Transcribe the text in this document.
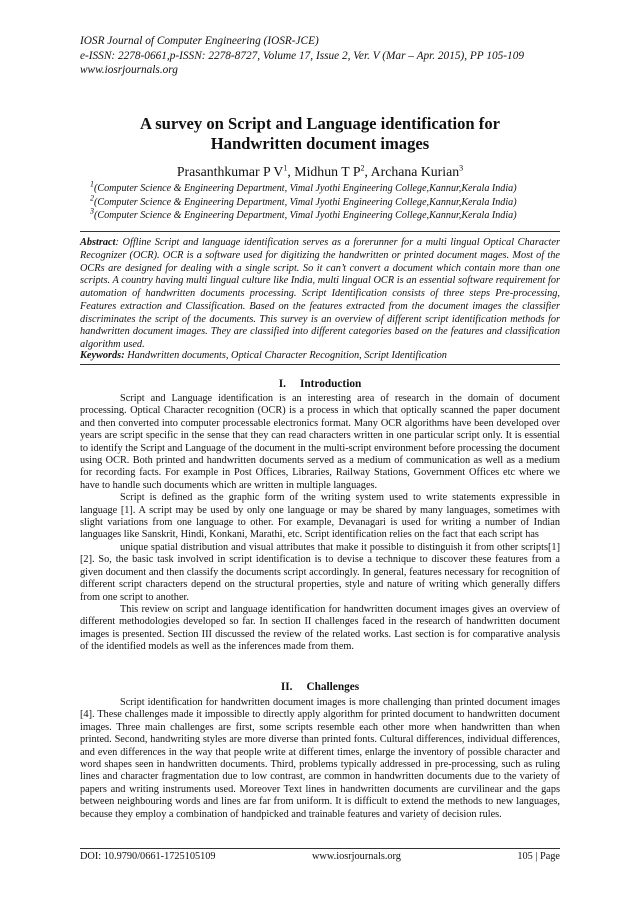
IOSR Journal of Computer Engineering (IOSR-JCE)
e-ISSN: 2278-0661,p-ISSN: 2278-8727, Volume 17, Issue 2, Ver. V (Mar – Apr. 2015), PP 105-109
www.iosrjournals.org
A survey on Script and Language identification for
Handwritten document images
Prasanthkumar P $V^1$, Midhun T $P^2$, Archana Kurian$^3$
$^1$(Computer Science & Engineering Department, Vimal Jyothi Engineering College,Kannur,Kerala India)
$^2$(Computer Science & Engineering Department, Vimal Jyothi Engineering College,Kannur,Kerala India)
$^3$(Computer Science & Engineering Department, Vimal Jyothi Engineering College,Kannur,Kerala India)
Abstract: Offline Script and language identification serves as a forerunner for a multi lingual Optical Character Recognizer (OCR). OCR is a software used for digitizing the handwritten or printed document mages. Most of the OCRs are designed for dealing with a single script. So it can’t convert a document which contain more than one scripts. A country having multi lingual culture like India, multi lingual OCR is an essential software requirement for automation of handwritten documents processing. Script Identification consists of three steps Pre-processing, Features extraction and Classification. Based on the features extracted from the document images the classifier discriminates the script of the documents. This survey is an overview of different script identification methods for handwritten document images. They are classified into different categories based on the features and classification algorithm used.
Keywords: Handwritten documents, Optical Character Recognition, Script Identification
I. Introduction

Script and Language identification is an interesting area of research in the domain of document processing. Optical Character recognition (OCR) is a process in which that optically scanned the paper document and then converted into computer processable electronics format. Many OCR algorithms have been developed over years are script specific in the sense that they can read characters written in one particular script only. It is essential to identify the Script and Language of the document in the multi-script environment before processing the document using OCR. Both printed and handwritten documents served as a medium of communication as well as a medium for recording facts. For example in Post Offices, Libraries, Railway Stations, Government Offices etc where we have to handle such documents which are written in multiple languages.

Script is defined as the graphic form of the writing system used to write statements expressible in language [1]. A script may be used by only one language or may be shared by many languages, sometimes with slight variations from one language to other. For example, Devanagari is used for writing a number of Indian languages like Sanskrit, Hindi, Konkani, Marathi, etc. Script identification relies on the fact that each script has

unique spatial distribution and visual attributes that make it possible to distinguish it from other scripts[1][2]. So, the basic task involved in script identification is to devise a technique to discover these features from a given document and then classify the documents script accordingly. In general, features necessary for recognition of different script characters depend on the structural properties, style and nature of writing which generally differs from one script to another.

This review on script and language identification for handwritten document images gives an overview of different methodologies developed so far. In section II challenges faced in the research of handwritten document images is presented. Section III discussed the review of the related works. Last section is for comparative analysis of the identified models as well as the inferences made from them.

II. Challenges

Script identification for handwritten document images is more challenging than printed document images [4]. These challenges made it impossible to directly apply algorithm for printed document to handwritten document images. Three main challenges are first, some scripts resemble each other more when handwritten than when printed. Second, handwriting styles are more diverse than printed fonts. Cultural differences, individual differences, and even differences in the way that people write at different times, enlarge the inventory of possible character and word shapes seen in handwritten documents. Third, problems typically addressed in pre-processing, such as ruling lines and character fragmentation due to low contrast, are common in handwritten documents due to the variety of papers and writing instruments used. Moreover Text lines in handwritten documents are curvilinear and the gaps between neighbouring words and lines are far from uniform. It is difficult to extend the methods to new languages, because they employ a combination of handpicked and trainable features and variety of decision rules.

DOI: 10.9790/0661-1725105109	www.iosrjournals.org	105 | Page
